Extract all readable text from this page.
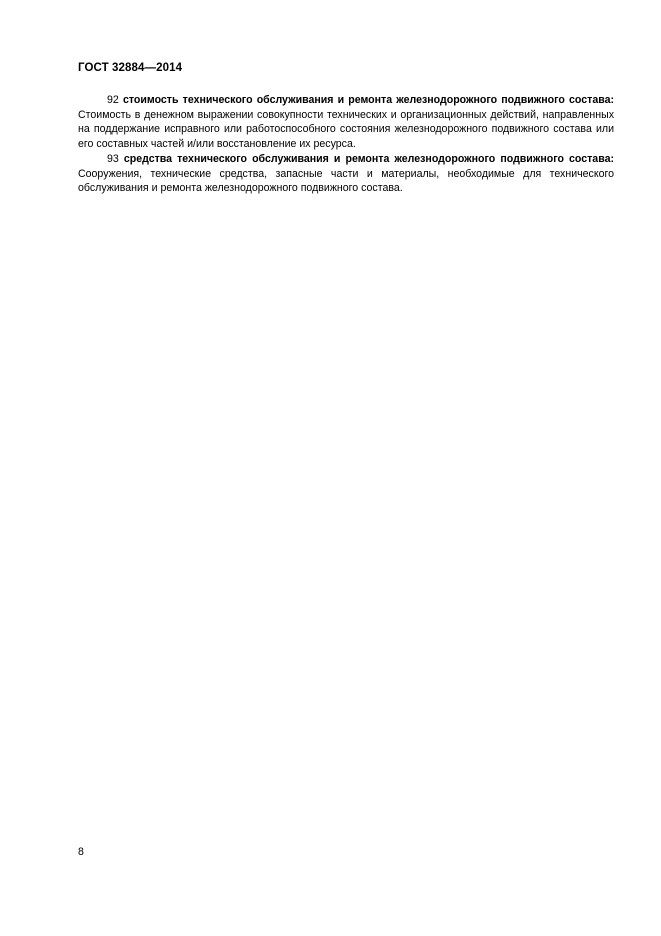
ГОСТ 32884—2014

92 стоимость технического обслуживания и ремонта железнодорожного подвижного состава: Стоимость в денежном выражении совокупности технических и организационных действий, направленных на поддержание исправного или работоспособного состояния железнодорожного подвижного состава или его составных частей и/или восстановление их ресурса.

93 средства технического обслуживания и ремонта железнодорожного подвижного состава: Сооружения, технические средства, запасные части и материалы, необходимые для технического обслуживания и ремонта железнодорожного подвижного состава.

8
